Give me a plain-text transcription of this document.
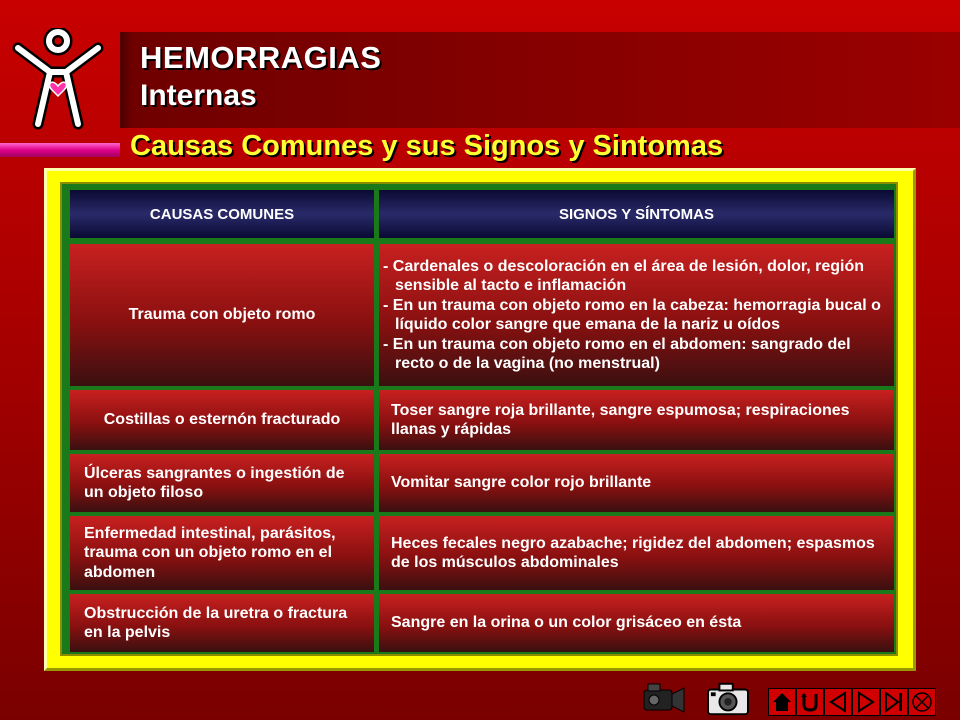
HEMORRAGIAS
Internas
Causas Comunes y sus Signos y Sintomas
CAUSAS COMUNES	SIGNOS Y SÍNTOMAS
Trauma con objeto romo
- Cardenales o descoloración en el área de lesión, dolor, región sensible al tacto e inflamación
- En un trauma con objeto romo en la cabeza: hemorragia bucal o líquido color sangre que emana de la nariz u oídos
- En un trauma con objeto romo en el abdomen: sangrado del recto o de la vagina (no menstrual)
Costillas o esternón fracturado
Toser sangre roja brillante, sangre espumosa; respiraciones llanas y rápidas
Úlceras sangrantes o ingestión de un objeto filoso
Vomitar sangre color rojo brillante
Enfermedad intestinal, parásitos, trauma con un objeto romo en el abdomen
Heces fecales negro azabache; rigidez del abdomen; espasmos de los músculos abdominales
Obstrucción de la uretra o fractura en la pelvis
Sangre en la orina o un color grisáceo en ésta
